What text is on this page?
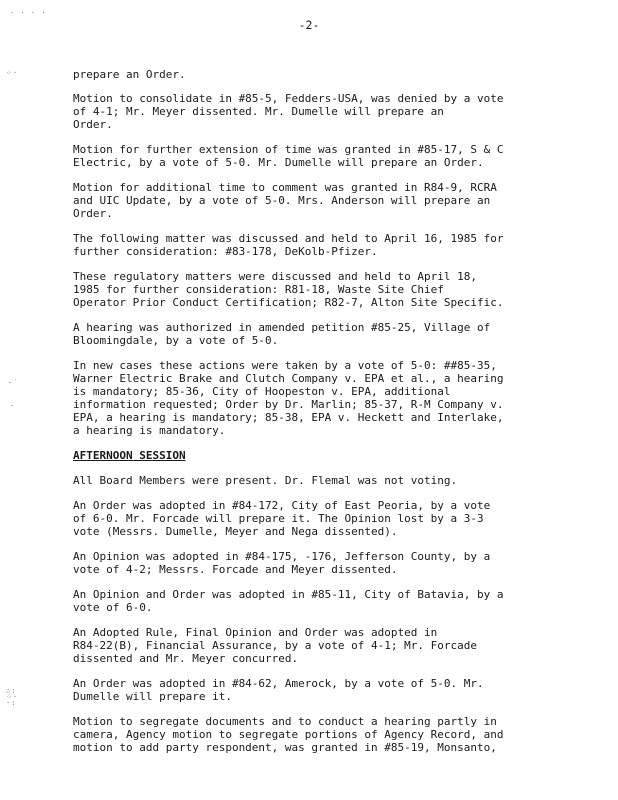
· · · ·
⁘·
·˙
·
∴:
⁘·
·:
-2-

prepare an Order.

Motion to consolidate in #85-5, Fedders-USA, was denied by a vote
of 4-1; Mr. Meyer dissented. Mr. Dumelle will prepare an
Order.

Motion for further extension of time was granted in #85-17, S & C
Electric, by a vote of 5-0. Mr. Dumelle will prepare an Order.

Motion for additional time to comment was granted in R84-9, RCRA
and UIC Update, by a vote of 5-0. Mrs. Anderson will prepare an
Order.

The following matter was discussed and held to April 16, 1985 for
further consideration: #83-178, DeKolb-Pfizer.

These regulatory matters were discussed and held to April 18,
1985 for further consideration: R81-18, Waste Site Chief
Operator Prior Conduct Certification; R82-7, Alton Site Specific.

A hearing was authorized in amended petition #85-25, Village of
Bloomingdale, by a vote of 5-0.

In new cases these actions were taken by a vote of 5-0: ##85-35,
Warner Electric Brake and Clutch Company v. EPA et al., a hearing
is mandatory; 85-36, City of Hoopeston v. EPA, additional
information requested; Order by Dr. Marlin; 85-37, R-M Company v.
EPA, a hearing is mandatory; 85-38, EPA v. Heckett and Interlake,
a hearing is mandatory.

AFTERNOON SESSION

All Board Members were present. Dr. Flemal was not voting.

An Order was adopted in #84-172, City of East Peoria, by a vote
of 6-0. Mr. Forcade will prepare it. The Opinion lost by a 3-3
vote (Messrs. Dumelle, Meyer and Nega dissented).

An Opinion was adopted in #84-175, -176, Jefferson County, by a
vote of 4-2; Messrs. Forcade and Meyer dissented.

An Opinion and Order was adopted in #85-11, City of Batavia, by a
vote of 6-0.

An Adopted Rule, Final Opinion and Order was adopted in
R84-22(B), Financial Assurance, by a vote of 4-1; Mr. Forcade
dissented and Mr. Meyer concurred.

An Order was adopted in #84-62, Amerock, by a vote of 5-0. Mr.
Dumelle will prepare it.

Motion to segregate documents and to conduct a hearing partly in
camera, Agency motion to segregate portions of Agency Record, and
motion to add party respondent, was granted in #85-19, Monsanto,
